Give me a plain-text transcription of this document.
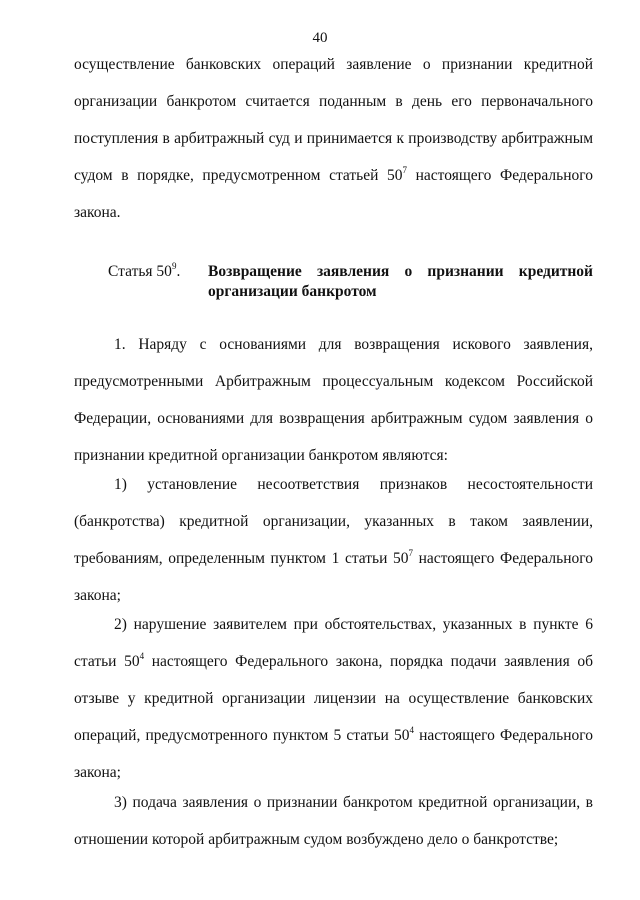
40
осуществление банковских операций заявление о признании кредитной
организации банкротом считается поданным в день его первоначального
поступления в арбитражный суд и принимается к производству арбитражным
судом в порядке, предусмотренном статьей $50^7$ настоящего Федерального
закона.
Статья $50^9$. Возвращение заявления о признании кредитной
организации банкротом
1. Наряду с основаниями для возвращения искового заявления,
предусмотренными Арбитражным процессуальным кодексом Российской
Федерации, основаниями для возвращения арбитражным судом заявления о
признании кредитной организации банкротом являются:
1) установление несоответствия признаков несостоятельности
(банкротства) кредитной организации, указанных в таком заявлении,
требованиям, определенным пунктом 1 статьи $50^7$ настоящего Федерального
закона;
2) нарушение заявителем при обстоятельствах, указанных в пункте 6
статьи $50^4$ настоящего Федерального закона, порядка подачи заявления об
отзыве у кредитной организации лицензии на осуществление банковских
операций, предусмотренного пунктом 5 статьи $50^4$ настоящего Федерального
закона;
3) подача заявления о признании банкротом кредитной организации, в
отношении которой арбитражным судом возбуждено дело о банкротстве;
